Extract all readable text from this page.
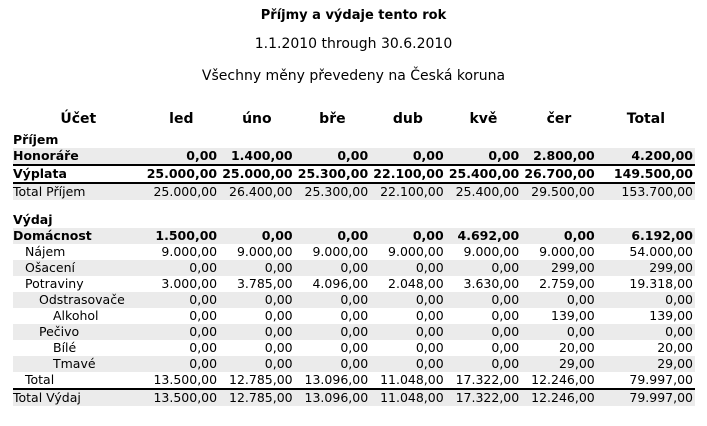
Příjmy a výdaje tento rok
1.1.2010 through 30.6.2010
Všechny měny převedeny na Česká koruna
Účet	led	úno	bře	dub	kvě	čer	Total
Příjem							
Honoráře	0,00	1.400,00	0,00	0,00	0,00	2.800,00	4.200,00
Výplata	25.000,00	25.000,00	25.300,00	22.100,00	25.400,00	26.700,00	149.500,00
Total Příjem	25.000,00	26.400,00	25.300,00	22.100,00	25.400,00	29.500,00	153.700,00

Výdaj							
Domácnost	1.500,00	0,00	0,00	0,00	4.692,00	0,00	6.192,00
Nájem	9.000,00	9.000,00	9.000,00	9.000,00	9.000,00	9.000,00	54.000,00
Ošacení	0,00	0,00	0,00	0,00	0,00	299,00	299,00
Potraviny	3.000,00	3.785,00	4.096,00	2.048,00	3.630,00	2.759,00	19.318,00
Odstrasovače	0,00	0,00	0,00	0,00	0,00	0,00	0,00
Alkohol	0,00	0,00	0,00	0,00	0,00	139,00	139,00
Pečivo	0,00	0,00	0,00	0,00	0,00	0,00	0,00
Bílé	0,00	0,00	0,00	0,00	0,00	20,00	20,00
Tmavé	0,00	0,00	0,00	0,00	0,00	29,00	29,00
Total	13.500,00	12.785,00	13.096,00	11.048,00	17.322,00	12.246,00	79.997,00
Total Výdaj	13.500,00	12.785,00	13.096,00	11.048,00	17.322,00	12.246,00	79.997,00
